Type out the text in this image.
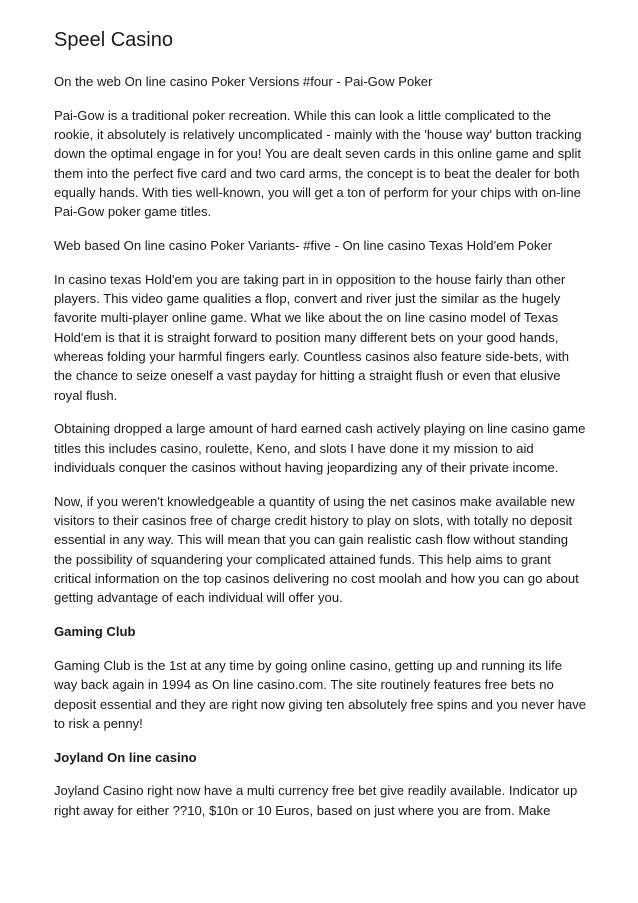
Speel Casino

On the web On line casino Poker Versions #four - Pai-Gow Poker

Pai-Gow is a traditional poker recreation. While this can look a little complicated to the rookie, it absolutely is relatively uncomplicated - mainly with the 'house way' button tracking down the optimal engage in for you! You are dealt seven cards in this online game and split them into the perfect five card and two card arms, the concept is to beat the dealer for both equally hands. With ties well-known, you will get a ton of perform for your chips with on-line Pai-Gow poker game titles.

Web based On line casino Poker Variants- #five - On line casino Texas Hold'em Poker

In casino texas Hold'em you are taking part in in opposition to the house fairly than other players. This video game qualities a flop, convert and river just the similar as the hugely favorite multi-player online game. What we like about the on line casino model of Texas Hold'em is that it is straight forward to position many different bets on your good hands, whereas folding your harmful fingers early. Countless casinos also feature side-bets, with the chance to seize oneself a vast payday for hitting a straight flush or even that elusive royal flush.

Obtaining dropped a large amount of hard earned cash actively playing on line casino game titles this includes casino, roulette, Keno, and slots I have done it my mission to aid individuals conquer the casinos without having jeopardizing any of their private income.

Now, if you weren't knowledgeable a quantity of using the net casinos make available new visitors to their casinos free of charge credit history to play on slots, with totally no deposit essential in any way. This will mean that you can gain realistic cash flow without standing the possibility of squandering your complicated attained funds. This help aims to grant critical information on the top casinos delivering no cost moolah and how you can go about getting advantage of each individual will offer you.

Gaming Club

Gaming Club is the 1st at any time by going online casino, getting up and running its life way back again in 1994 as On line casino.com. The site routinely features free bets no deposit essential and they are right now giving ten absolutely free spins and you never have to risk a penny!

Joyland On line casino

Joyland Casino right now have a multi currency free bet give readily available. Indicator up right away for either ??10, $10n or 10 Euros, based on just where you are from. Make
